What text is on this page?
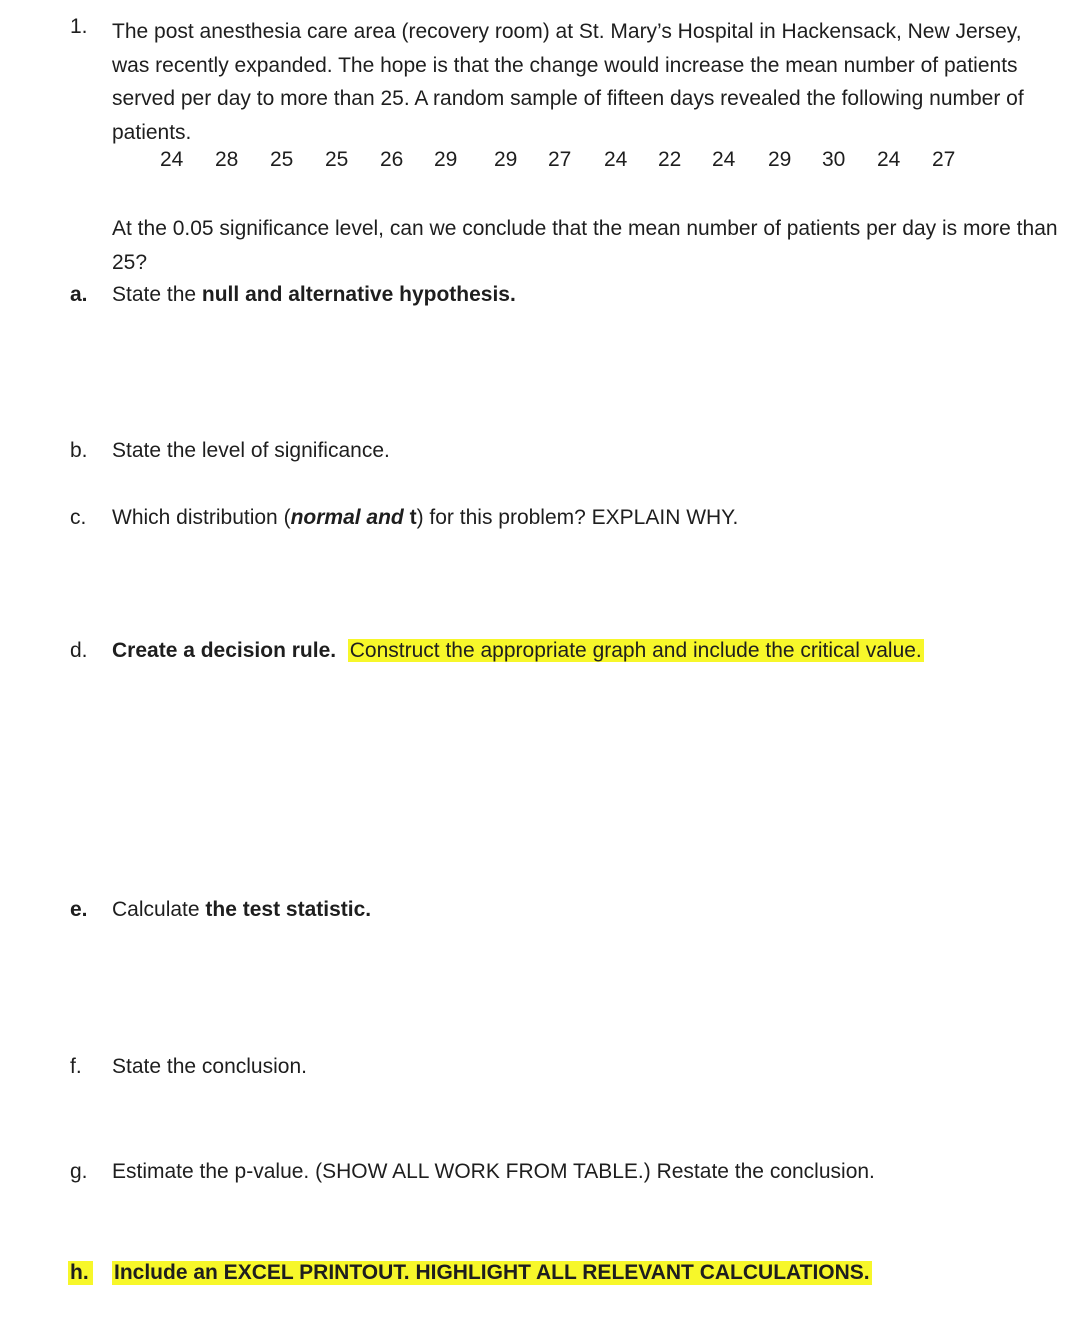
1. The post anesthesia care area (recovery room) at St. Mary’s Hospital in Hackensack, New Jersey, was recently expanded. The hope is that the change would increase the mean number of patients served per day to more than 25. A random sample of fifteen days revealed the following number of patients.
24 28 25 25 26 29 29 27 24 22 24 29 30 24 27
At the 0.05 significance level, can we conclude that the mean number of patients per day is more than 25?
a. State the null and alternative hypothesis.
b. State the level of significance.
c. Which distribution (normal and t) for this problem? EXPLAIN WHY.
d. Create a decision rule. Construct the appropriate graph and include the critical value.
e. Calculate the test statistic.
f. State the conclusion.
g. Estimate the p-value. (SHOW ALL WORK FROM TABLE.) Restate the conclusion.
h. Include an EXCEL PRINTOUT. HIGHLIGHT ALL RELEVANT CALCULATIONS.
